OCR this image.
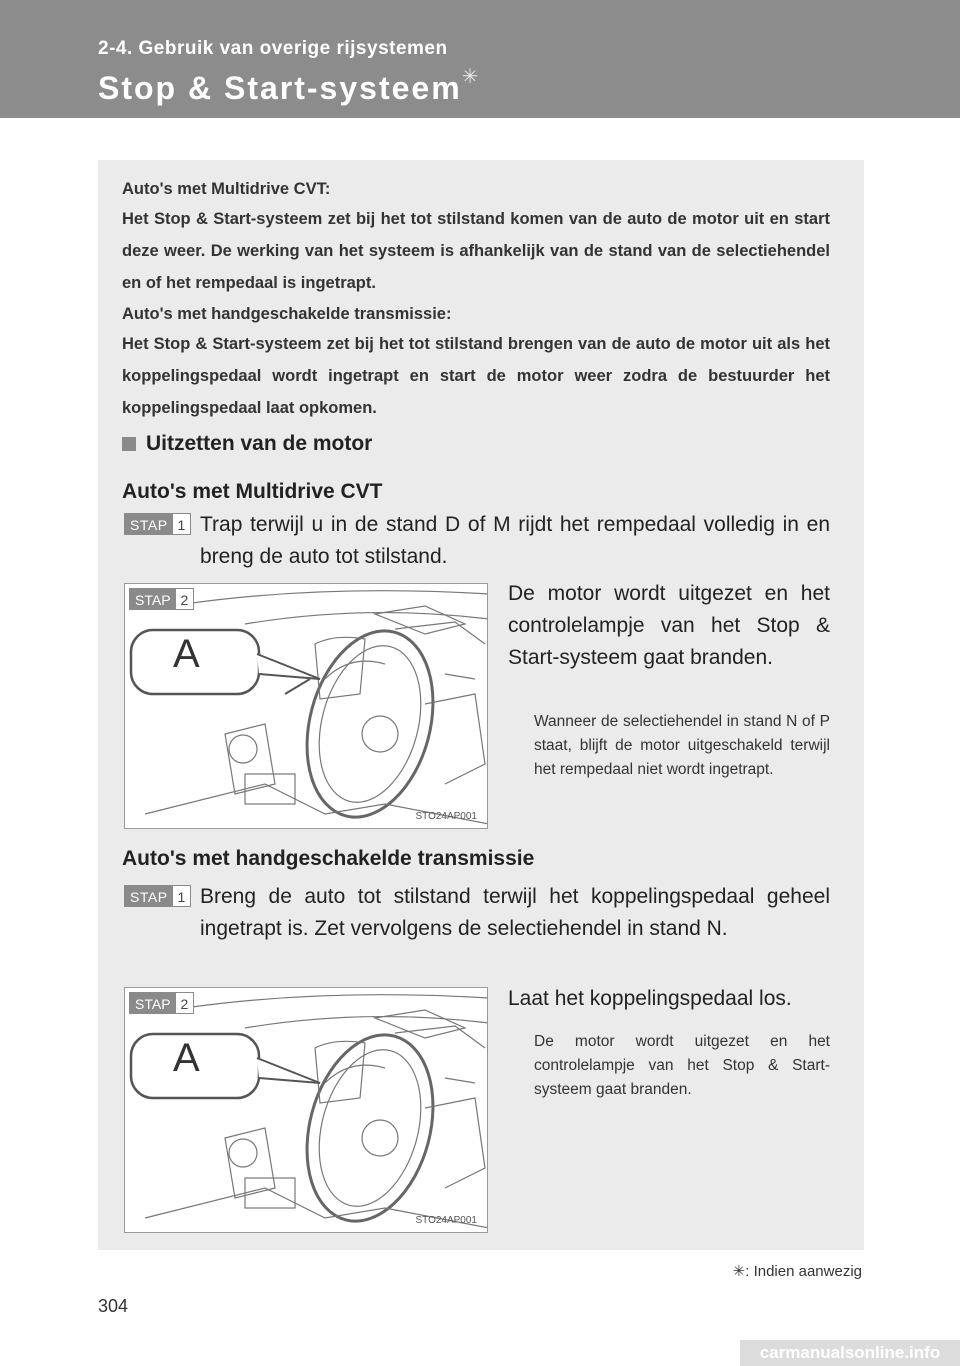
2-4. Gebruik van overige rijsystemen
Stop & Start-systeem✳
Auto's met Multidrive CVT:
Het Stop & Start-systeem zet bij het tot stilstand komen van de auto de motor uit en start deze weer. De werking van het systeem is afhankelijk van de stand van de selectiehendel en of het rempedaal is ingetrapt.
Auto's met handgeschakelde transmissie:
Het Stop & Start-systeem zet bij het tot stilstand brengen van de auto de motor uit als het koppelingspedaal wordt ingetrapt en start de motor weer zodra de bestuurder het koppelingspedaal laat opkomen.
Uitzetten van de motor
Auto's met Multidrive CVT
STAP 1 Trap terwijl u in de stand D of M rijdt het rempedaal volledig in en breng de auto tot stilstand.
STAP 2
A
STO24AP001
De motor wordt uitgezet en het controlelampje van het Stop & Start-systeem gaat branden.
Wanneer de selectiehendel in stand N of P staat, blijft de motor uitgeschakeld terwijl het rempedaal niet wordt ingetrapt.
Auto's met handgeschakelde transmissie
STAP 1 Breng de auto tot stilstand terwijl het koppelingspedaal geheel ingetrapt is. Zet vervolgens de selectiehendel in stand N.
STAP 2
A
STO24AP001
Laat het koppelingspedaal los.
De motor wordt uitgezet en het controlelampje van het Stop & Start-systeem gaat branden.
✳: Indien aanwezig
304
carmanualsonline.info
